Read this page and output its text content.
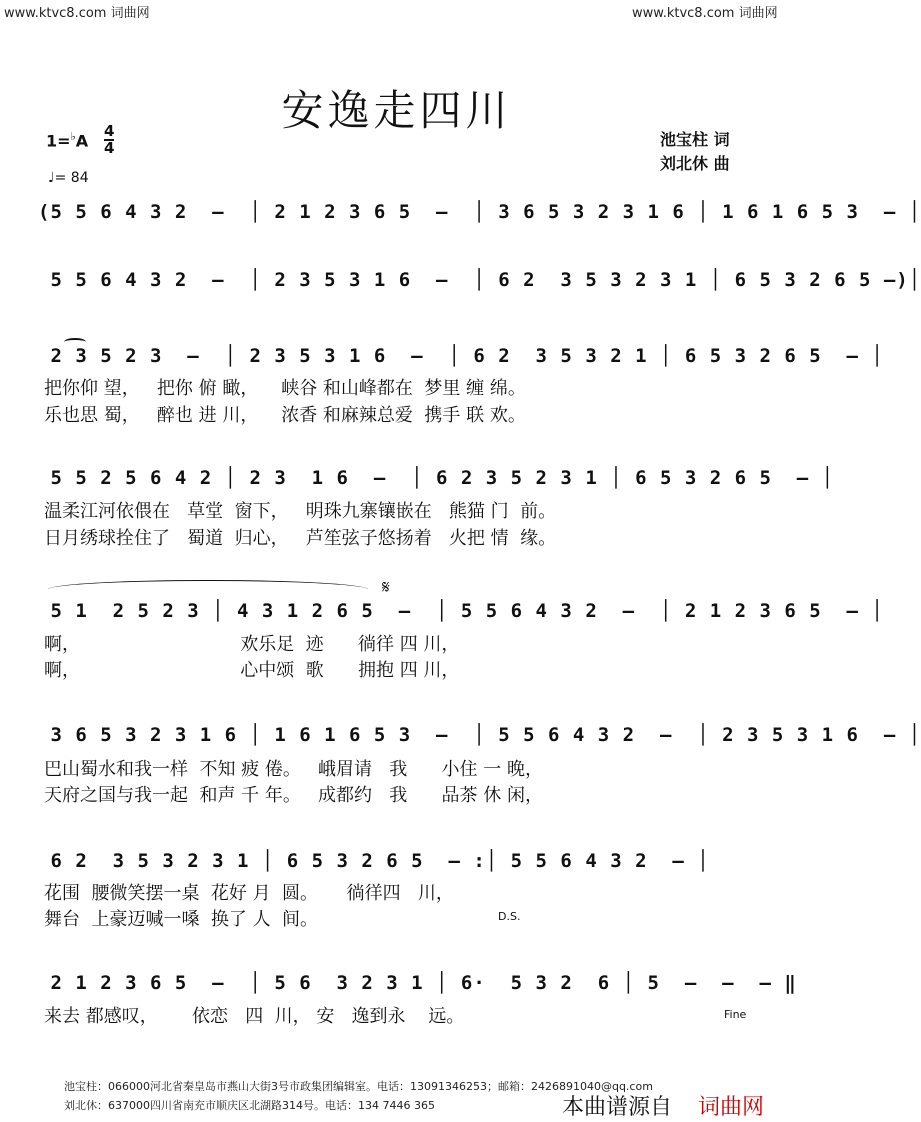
www.ktvc8.com 词曲网	www.ktvc8.com 词曲网
安逸走四川
1=♭A
4
4
♩= 84
池宝柱 词
刘北休 曲
(5 5 6 4 3 2  –  │ 2 1 2 3 6 5  –  │ 3 6 5 3 2 3 1 6 │ 1 6 1 6 5 3  – │
5 5 6 4 3 2  –  │ 2 3 5 3 1 6  –  │ 6 2  3 5 3 2 3 1 │ 6 5 3 2 6 5 –)│
2 3 5 2 3  –  │ 2 3 5 3 1 6  –  │ 6 2  3 5 3 2 1 │ 6 5 3 2 6 5  – │
把你仰 望，   把你 俯 瞰，    峡谷 和山峰都在  梦里 缠 绵。
乐也思 蜀，   醉也 进 川，    浓香 和麻辣总爱  携手 联 欢。
5 5 2 5 6 4 2 │ 2 3  1 6  –  │ 6 2 3 5 2 3 1 │ 6 5 3 2 6 5  – │
温柔江河依偎在   草堂  窗下，   明珠九寨镶嵌在   熊猫 门  前。
日月绣球拴住了   蜀道  归心，   芦笙弦子悠扬着   火把 情  缘。
𝄋
5 1  2 5 2 3 │ 4 3 1 2 6 5  –  │ 5 5 6 4 3 2  –  │ 2 1 2 3 6 5  – │
啊，                            欢乐足  迹      徜徉 四 川，
啊，                            心中颂  歌      拥抱 四 川，
3 6 5 3 2 3 1 6 │ 1 6 1 6 5 3  –  │ 5 5 6 4 3 2  –  │ 2 3 5 3 1 6  – │
巴山蜀水和我一样  不知 疲 倦。   峨眉请   我      小住 一 晚，
天府之国与我一起  和声 千 年。   成都约   我      品茶 休 闲，
6 2  3 5 3 2 3 1 │ 6 5 3 2 6 5  – :│ 5 5 6 4 3 2  – │
花围  腰微笑摆一桌  花好 月  圆。     徜徉四   川，
舞台  上豪迈喊一嗓  换了 人  间。	D.S.
2 1 2 3 6 5  –  │ 5 6  3 2 3 1 │ 6·  5 3 2  6 │ 5  –  –  – ‖
来去 都感叹，      依恋   四  川， 安   逸到永    远。	Fine
池宝柱：066000河北省秦皇岛市燕山大街3号市政集团编辑室。电话：13091346253；邮箱：2426891040@qq.com
刘北休：637000四川省南充市顺庆区北湖路314号。电话：134 7446 365	本曲谱源自 词曲网
